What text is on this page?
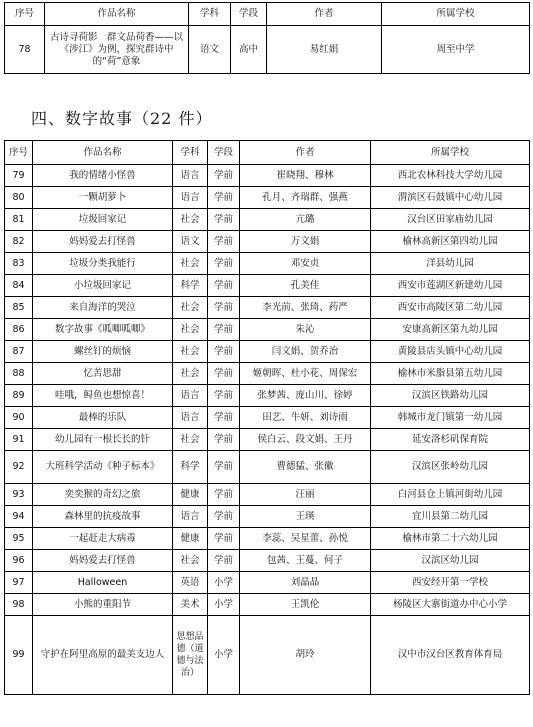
序号	作品名称	学科	学段	作者	所属学校
78	古诗寻荷影　群文品荷香——以《涉江》为例，探究群诗中的“荷”意象	语文	高中	易红娟	周至中学
四、数字故事（22 件）
序号	作品名称	学科	学段	作者	所属学校
79	我的情绪小怪兽	语言	学前	崔晓翔、穆林	西北农林科技大学幼儿园
80	一颗胡萝卜	语言	学前	孔月、齐瑞群、强燕	渭滨区石鼓镇中心幼儿园
81	垃圾回家记	社会	学前	亢璐	汉台区田家庙幼儿园
82	妈妈爱去打怪兽	语文	学前	万文娟	榆林高新区第四幼儿园
83	垃圾分类我能行	社会	学前	邓安贞	洋县幼儿园
84	小垃圾回家记	科学	学前	孔美佳	西安市莲湖区新建幼儿园
85	来自海洋的哭泣	社会	学前	李光前、张琦、药严	西安市高陵区第二幼儿园
86	数字故事《呱唧呱唧》	社会	学前	朱沁	安康高新区第九幼儿园
87	螺丝钉的烦恼	社会	学前	闫文娟、贺乔治	黄陵县店头镇中心幼儿园
88	忆苦思甜	社会	学前	姬朝晖、杜小花、周保宏	榆林市米脂县第五幼儿园
89	哇哦，鲟鱼也想惊喜！	语言	学前	张梦茜、庞山川、徐婷	汉滨区铁路幼儿园
90	最棒的乐队	语言	学前	田艺、牛妍、刘诗雨	韩城市龙门镇第一幼儿园
91	幼儿园有一根长长的针	社会	学前	侯白云、段文娟、王丹	延安洛杉矶保育院
92	大班科学活动《种子标本》	科学	学前	曹德猛、张徽	汉滨区张岭幼儿园
93	奕奕猴的奇幻之旅	健康	学前	汪丽	白河县仓上镇河街幼儿园
94	森林里的抗疫故事	语言	学前	王瑛	宜川县第二幼儿园
95	一起赶走大病毒	健康	学前	李蕊、吴星蕾、孙悦	榆林市第二十六幼儿园
96	妈妈爱去打怪兽	社会	学前	包茜、王蔓、何子	汉滨区幼儿园
97	Halloween	英语	小学	刘晶晶	西安经开第一学校
98	小熊的重阳节	美术	小学	王凯伦	杨陵区大寨街道办中心小学
99	守护在阿里高原的最美支边人	思想品德（道德与法治）	小学	胡玲	汉中市汉台区教育体育局
